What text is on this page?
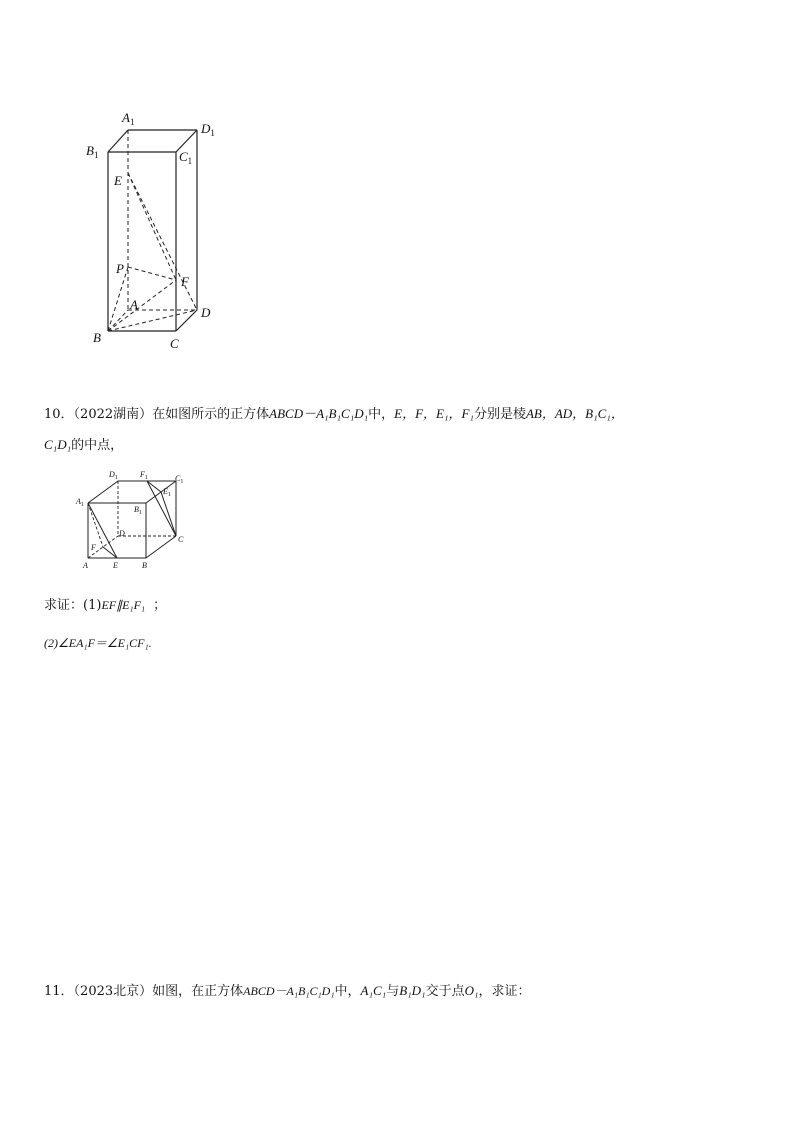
$A_1$	$D_1$
$B_1$	$C_1$
E
P
F
A
D
B	C
10．（2022湖南）在如图所示的正方体ABCD－A₁B₁C₁D₁中，E，F，E₁，F₁分别是棱AB，AD，B₁C₁，
C₁D₁的中点，
$D_1$	$F_1$	$C_1$
$E_1$
$A_1$	$B_1$
D
C
F
A	E	B
求证：(1)EF∥E₁F₁ ；
(2)∠EA₁F＝∠E₁CF₁.
11．（2023北京）如图，在正方体ABCD－A₁B₁C₁D₁中，A₁C₁与B₁D₁交于点O₁，求证：
